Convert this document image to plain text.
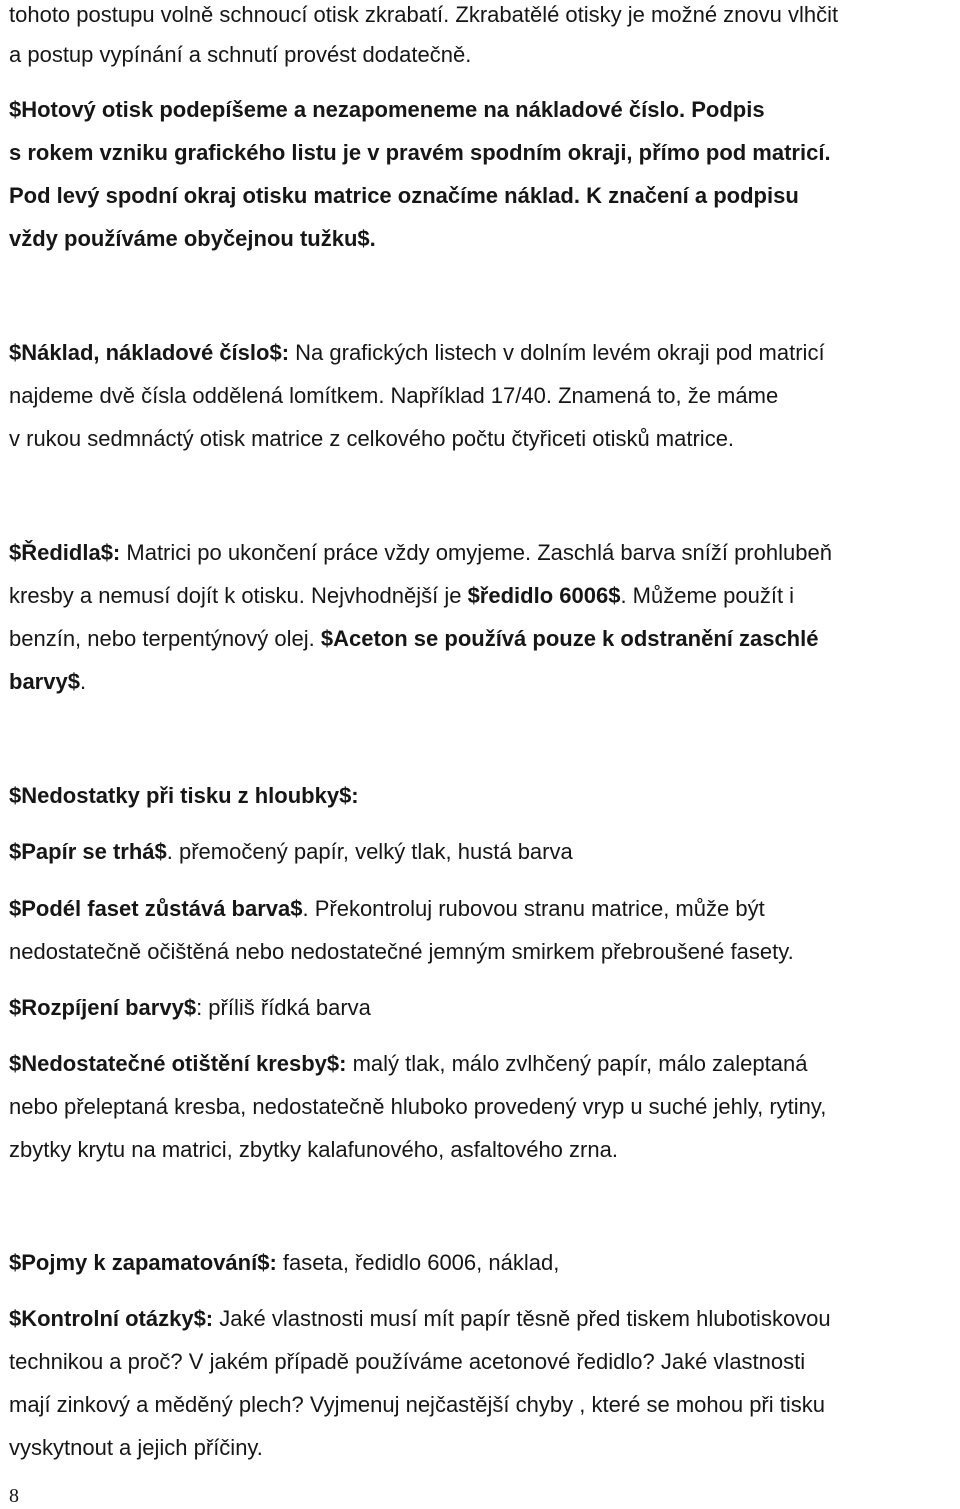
tohoto postupu volně schnoucí otisk zkrabatí. Zkrabatělé otisky je možné znovu vlhčit
a postup vypínání a schnutí provést dodatečně.
$Hotový otisk podepíšeme a nezapomeneme na nákladové číslo. Podpis
s rokem vzniku grafického listu je v pravém spodním okraji, přímo pod matricí.
Pod levý spodní okraj otisku matrice označíme náklad. K značení a podpisu
vždy používáme obyčejnou tužku$.
$Náklad, nákladové číslo$: Na grafických listech v dolním levém okraji pod matricí
najdeme dvě čísla oddělená lomítkem. Například 17/40. Znamená to, že máme
v rukou sedmnáctý otisk matrice z celkového počtu čtyřiceti otisků matrice.
$Ředidla$: Matrici po ukončení práce vždy omyjeme. Zaschlá barva sníží prohlubeň
kresby a nemusí dojít k otisku. Nejvhodnější je $ředidlo 6006$. Můžeme použít i
benzín, nebo terpentýnový olej. $Aceton se používá pouze k odstranění zaschlé
barvy$.
$Nedostatky při tisku z hloubky$:
$Papír se trhá$. přemočený papír, velký tlak, hustá barva
$Podél faset zůstává barva$. Překontroluj rubovou stranu matrice, může být
nedostatečně očištěná nebo nedostatečné jemným smirkem přebroušené fasety.
$Rozpíjení barvy$: příliš řídká barva
$Nedostatečné otištění kresby$: malý tlak, málo zvlhčený papír, málo zaleptaná
nebo přeleptaná kresba, nedostatečně hluboko provedený vryp u suché jehly, rytiny,
zbytky krytu na matrici, zbytky kalafunového, asfaltového zrna.
$Pojmy k zapamatování$: faseta, ředidlo 6006, náklad,
$Kontrolní otázky$: Jaké vlastnosti musí mít papír těsně před tiskem hlubotiskovou
technikou a proč? V jakém případě používáme acetonové ředidlo? Jaké vlastnosti
mají zinkový a měděný plech? Vyjmenuj nejčastější chyby , které se mohou při tisku
vyskytnout a jejich příčiny.
8
